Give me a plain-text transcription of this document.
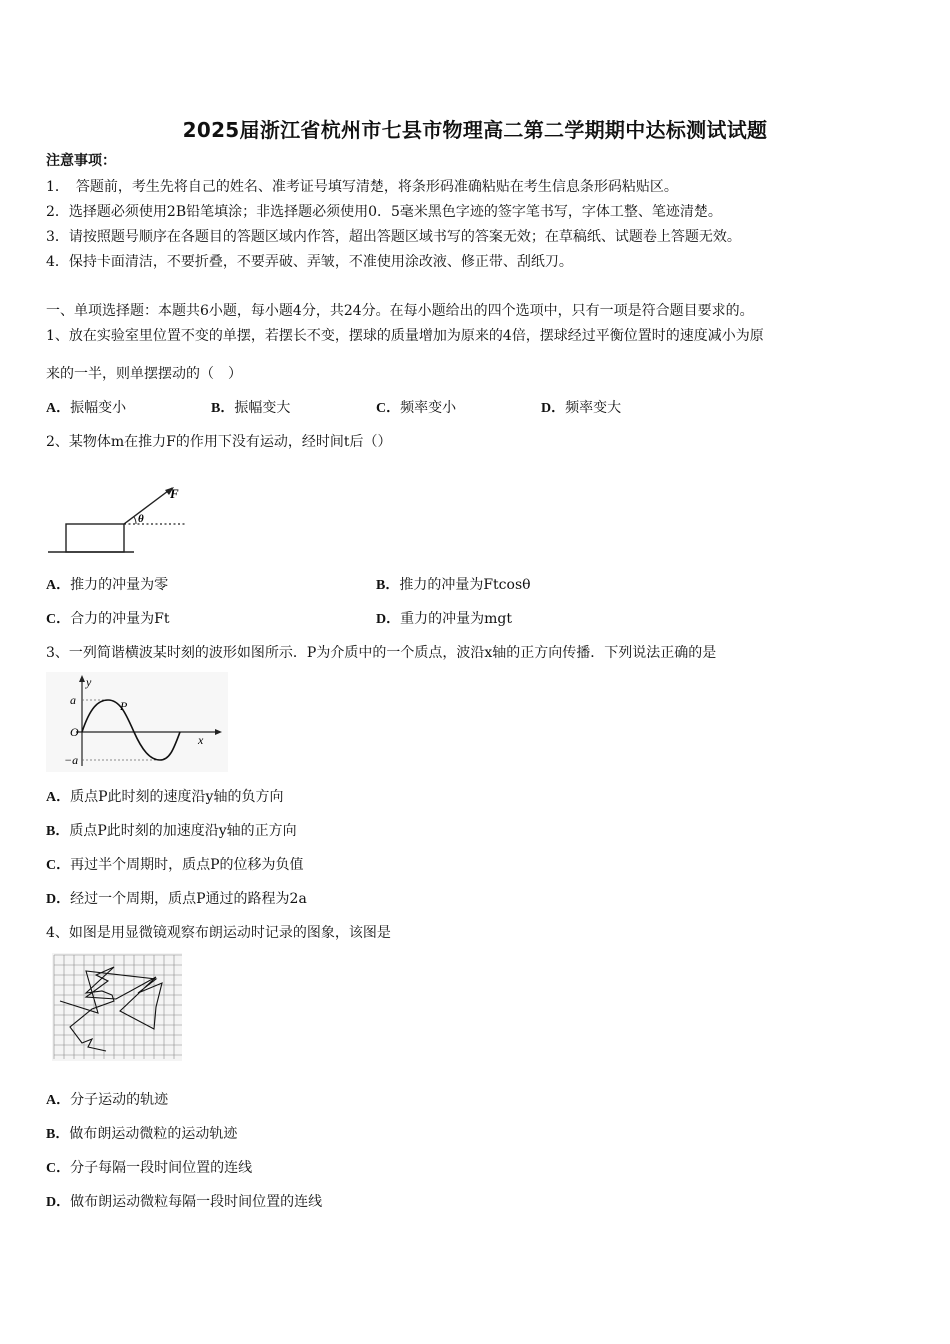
2025届浙江省杭州市七县市物理高二第二学期期中达标测试试题
注意事项：
1．　答题前，考生先将自己的姓名、准考证号填写清楚，将条形码准确粘贴在考生信息条形码粘贴区。
2．选择题必须使用2B铅笔填涂；非选择题必须使用0．5毫米黑色字迹的签字笔书写，字体工整、笔迹清楚。
3．请按照题号顺序在各题目的答题区域内作答，超出答题区域书写的答案无效；在草稿纸、试题卷上答题无效。
4．保持卡面清洁，不要折叠，不要弄破、弄皱，不准使用涂改液、修正带、刮纸刀。
一、单项选择题：本题共6小题，每小题4分，共24分。在每小题给出的四个选项中，只有一项是符合题目要求的。
1、放在实验室里位置不变的单摆，若摆长不变，摆球的质量增加为原来的4倍，摆球经过平衡位置时的速度减小为原
来的一半，则单摆摆动的（　）
A．振幅变小	B．振幅变大	C．频率变小	D．频率变大
2、某物体m在推力F的作用下没有运动，经时间t后（）
F
θ
A．推力的冲量为零	B．推力的冲量为Ftcosθ
C．合力的冲量为Ft	D．重力的冲量为mgt
3、一列简谐横波某时刻的波形如图所示．P为介质中的一个质点，波沿x轴的正方向传播．下列说法正确的是
y
x
a
O
−a
P
A．质点P此时刻的速度沿y轴的负方向
B．质点P此时刻的加速度沿y轴的正方向
C．再过半个周期时，质点P的位移为负值
D．经过一个周期，质点P通过的路程为2a
4、如图是用显微镜观察布朗运动时记录的图象，该图是
A．分子运动的轨迹
B．做布朗运动微粒的运动轨迹
C．分子每隔一段时间位置的连线
D．做布朗运动微粒每隔一段时间位置的连线
